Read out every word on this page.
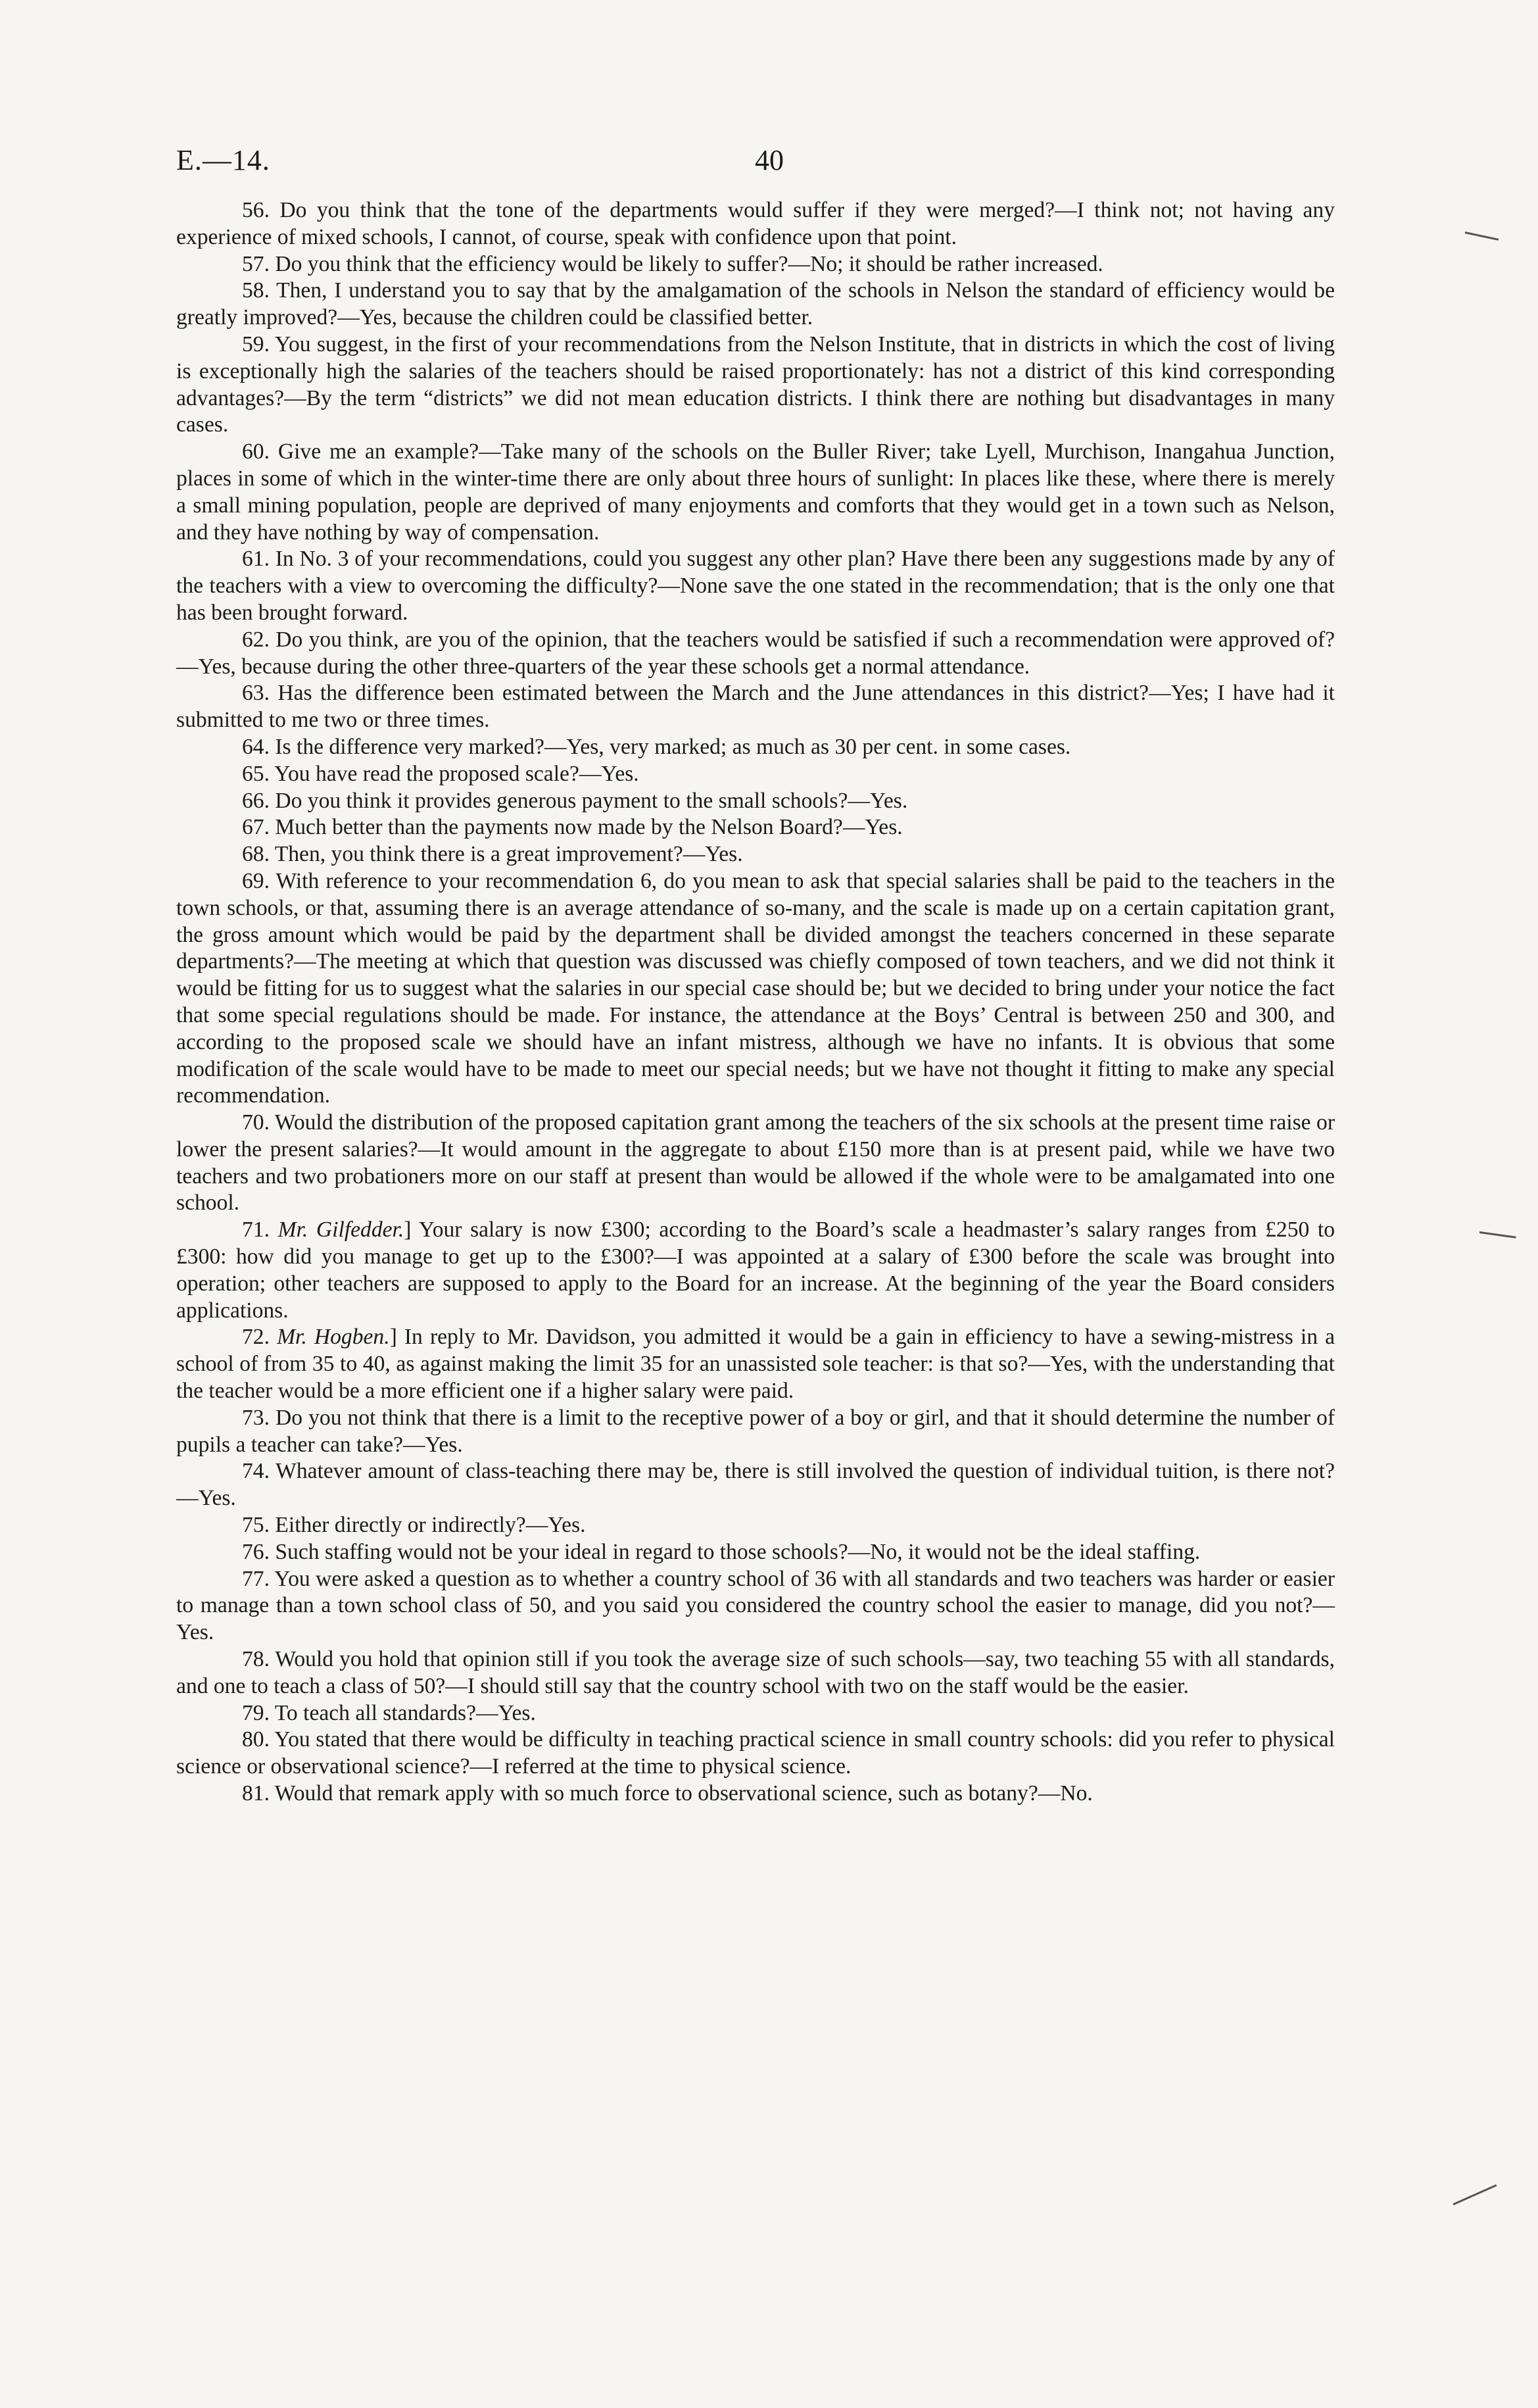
E.—14.	40

56. Do you think that the tone of the departments would suffer if they were merged?—I think not; not having any experience of mixed schools, I cannot, of course, speak with confidence upon that point.

57. Do you think that the efficiency would be likely to suffer?—No; it should be rather increased.

58. Then, I understand you to say that by the amalgamation of the schools in Nelson the standard of efficiency would be greatly improved?—Yes, because the children could be classified better.

59. You suggest, in the first of your recommendations from the Nelson Institute, that in districts in which the cost of living is exceptionally high the salaries of the teachers should be raised proportionately: has not a district of this kind corresponding advantages?—By the term “districts” we did not mean education districts. I think there are nothing but disadvantages in many cases.

60. Give me an example?—Take many of the schools on the Buller River; take Lyell, Murchison, Inangahua Junction, places in some of which in the winter-time there are only about three hours of sunlight: In places like these, where there is merely a small mining population, people are deprived of many enjoyments and comforts that they would get in a town such as Nelson, and they have nothing by way of compensation.

61. In No. 3 of your recommendations, could you suggest any other plan? Have there been any suggestions made by any of the teachers with a view to overcoming the difficulty?—None save the one stated in the recommendation; that is the only one that has been brought forward.

62. Do you think, are you of the opinion, that the teachers would be satisfied if such a recommendation were approved of?—Yes, because during the other three-quarters of the year these schools get a normal attendance.

63. Has the difference been estimated between the March and the June attendances in this district?—Yes; I have had it submitted to me two or three times.

64. Is the difference very marked?—Yes, very marked; as much as 30 per cent. in some cases.

65. You have read the proposed scale?—Yes.

66. Do you think it provides generous payment to the small schools?—Yes.

67. Much better than the payments now made by the Nelson Board?—Yes.

68. Then, you think there is a great improvement?—Yes.

69. With reference to your recommendation 6, do you mean to ask that special salaries shall be paid to the teachers in the town schools, or that, assuming there is an average attendance of so-many, and the scale is made up on a certain capitation grant, the gross amount which would be paid by the department shall be divided amongst the teachers concerned in these separate departments?—The meeting at which that question was discussed was chiefly composed of town teachers, and we did not think it would be fitting for us to suggest what the salaries in our special case should be; but we decided to bring under your notice the fact that some special regulations should be made. For instance, the attendance at the Boys’ Central is between 250 and 300, and according to the proposed scale we should have an infant mistress, although we have no infants. It is obvious that some modification of the scale would have to be made to meet our special needs; but we have not thought it fitting to make any special recommendation.

70. Would the distribution of the proposed capitation grant among the teachers of the six schools at the present time raise or lower the present salaries?—It would amount in the aggregate to about £150 more than is at present paid, while we have two teachers and two probationers more on our staff at present than would be allowed if the whole were to be amalgamated into one school.

71. Mr. Gilfedder.] Your salary is now £300; according to the Board’s scale a headmaster’s salary ranges from £250 to £300: how did you manage to get up to the £300?—I was appointed at a salary of £300 before the scale was brought into operation; other teachers are supposed to apply to the Board for an increase. At the beginning of the year the Board considers applications.

72. Mr. Hogben.] In reply to Mr. Davidson, you admitted it would be a gain in efficiency to have a sewing-mistress in a school of from 35 to 40, as against making the limit 35 for an unassisted sole teacher: is that so?—Yes, with the understanding that the teacher would be a more efficient one if a higher salary were paid.

73. Do you not think that there is a limit to the receptive power of a boy or girl, and that it should determine the number of pupils a teacher can take?—Yes.

74. Whatever amount of class-teaching there may be, there is still involved the question of individual tuition, is there not?—Yes.

75. Either directly or indirectly?—Yes.

76. Such staffing would not be your ideal in regard to those schools?—No, it would not be the ideal staffing.

77. You were asked a question as to whether a country school of 36 with all standards and two teachers was harder or easier to manage than a town school class of 50, and you said you considered the country school the easier to manage, did you not?—Yes.

78. Would you hold that opinion still if you took the average size of such schools—say, two teaching 55 with all standards, and one to teach a class of 50?—I should still say that the country school with two on the staff would be the easier.

79. To teach all standards?—Yes.

80. You stated that there would be difficulty in teaching practical science in small country schools: did you refer to physical science or observational science?—I referred at the time to physical science.

81. Would that remark apply with so much force to observational science, such as botany?—No.
